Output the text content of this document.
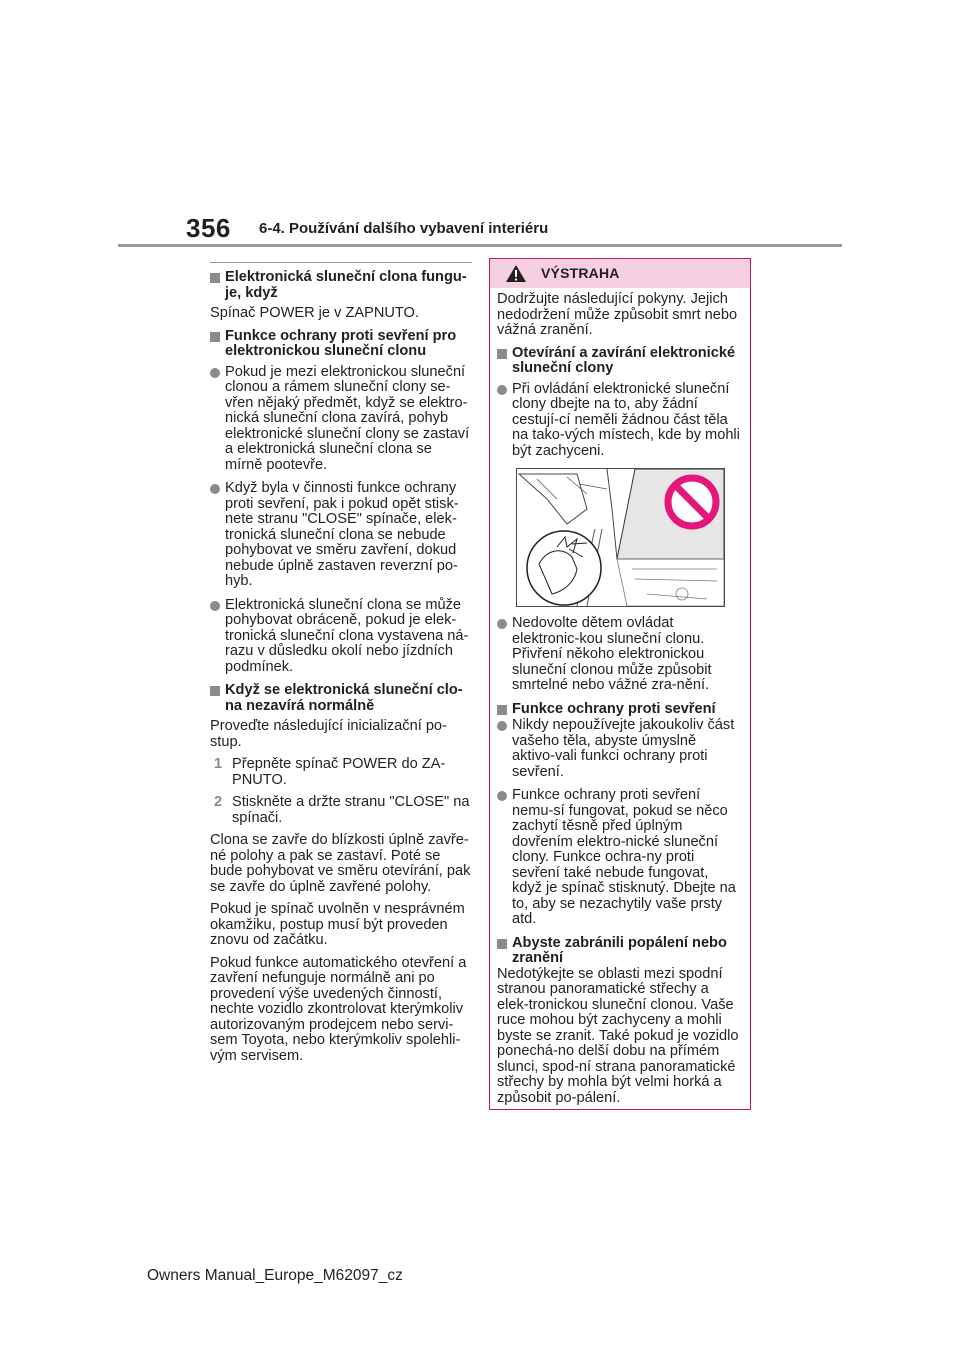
356 6-4. Používání dalšího vybavení interiéru
Elektronická sluneční clona fungu-je, když

Spínač POWER je v ZAPNUTO.

Funkce ochrany proti sevření pro elektronickou sluneční clonu
Pokud je mezi elektronickou sluneční clonou a rámem sluneční clony se-vřen nějaký předmět, když se elektro-nická sluneční clona zavírá, pohyb elektronické sluneční clony se zastaví a elektronická sluneční clona se mírně pootevře.
Když byla v činnosti funkce ochrany proti sevření, pak i pokud opět stisk-nete stranu "CLOSE" spínače, elek-tronická sluneční clona se nebude pohybovat ve směru zavření, dokud nebude úplně zastaven reverzní po-hyb.
Elektronická sluneční clona se může pohybovat obráceně, pokud je elek-tronická sluneční clona vystavena ná-razu v důsledku okolí nebo jízdních podmínek.
Když se elektronická sluneční clo-na nezavírá normálně

Proveďte následující inicializační po-stup.

1 Přepněte spínač POWER do ZA-PNUTO.
2 Stiskněte a držte stranu "CLOSE" na spínači.

Clona se zavře do blízkosti úplně zavře-né polohy a pak se zastaví. Poté se bude pohybovat ve směru otevírání, pak se zavře do úplně zavřené polohy.

Pokud je spínač uvolněn v nesprávném okamžiku, postup musí být proveden znovu od začátku.

Pokud funkce automatického otevření a zavření nefunguje normálně ani po provedení výše uvedených činností, nechte vozidlo zkontrolovat kterýmkoliv autorizovaným prodejcem nebo servi-sem Toyota, nebo kterýmkoliv spolehli-vým servisem.

VÝSTRAHA

Dodržujte následující pokyny. Jejich nedodržení může způsobit smrt nebo vážná zranění.

Otevírání a zavírání elektronické sluneční clony
Při ovládání elektronické sluneční clony dbejte na to, aby žádní cestují-cí neměli žádnou část těla na tako-vých místech, kde by mohli být zachyceni.
Nedovolte dětem ovládat elektronic-kou sluneční clonu. Přivření někoho elektronickou sluneční clonou může způsobit smrtelné nebo vážné zra-nění.
Funkce ochrany proti sevření
Nikdy nepoužívejte jakoukoliv část vašeho těla, abyste úmyslně aktivo-vali funkci ochrany proti sevření.
Funkce ochrany proti sevření nemu-sí fungovat, pokud se něco zachytí těsně před úplným dovřením elektro-nické sluneční clony. Funkce ochra-ny proti sevření také nebude fungovat, když je spínač stisknutý. Dbejte na to, aby se nezachytily vaše prsty atd.
Abyste zabránili popálení nebo zranění

Nedotýkejte se oblasti mezi spodní stranou panoramatické střechy a elek-tronickou sluneční clonou. Vaše ruce mohou být zachyceny a mohli byste se zranit. Také pokud je vozidlo ponechá-no delší dobu na přímém slunci, spod-ní strana panoramatické střechy by mohla být velmi horká a způsobit po-pálení.

Owners Manual_Europe_M62097_cz
